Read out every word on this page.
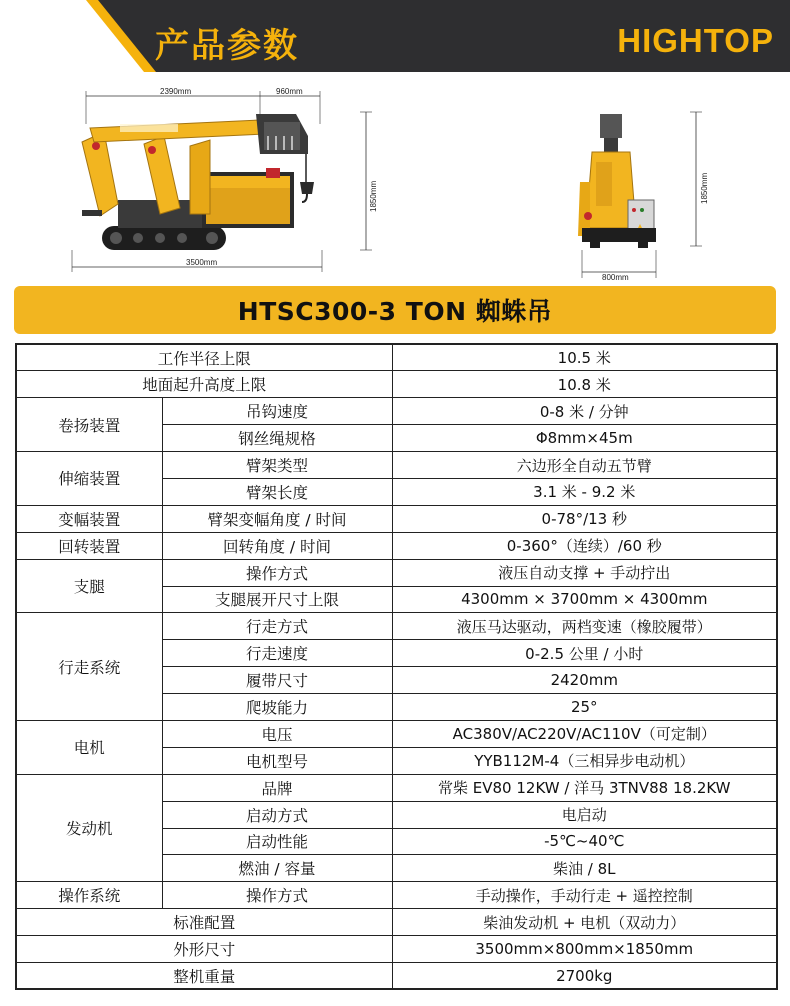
产品参数	HIGHTOP
2390mm	960mm
1850mm
3500mm
1850mm
800mm
HTSC300-3 TON 蜘蛛吊
工作半径上限		10.5 米
地面起升高度上限		10.8 米
卷扬装置	吊钩速度	0-8 米 / 分钟
	钢丝绳规格	Φ8mm×45m
伸缩装置	臂架类型	六边形全自动五节臂
	臂架长度	3.1 米 - 9.2 米
变幅装置	臂架变幅角度 / 时间	0-78°/13 秒
回转装置	回转角度 / 时间	0-360°（连续）/60 秒
支腿	操作方式	液压自动支撑 + 手动拧出
	支腿展开尺寸上限	4300mm × 3700mm × 4300mm
行走系统	行走方式	液压马达驱动，两档变速（橡胶履带）
	行走速度	0-2.5 公里 / 小时
	履带尺寸	2420mm
	爬坡能力	25°
电机	电压	AC380V/AC220V/AC110V（可定制）
	电机型号	YYB112M-4（三相异步电动机）
发动机	品牌	常柴 EV80 12KW / 洋马 3TNV88 18.2KW
	启动方式	电启动
	启动性能	-5℃~40℃
	燃油 / 容量	柴油 / 8L
操作系统	操作方式	手动操作，手动行走 + 遥控控制
标准配置		柴油发动机 + 电机（双动力）
外形尺寸		3500mm×800mm×1850mm
整机重量		2700kg
